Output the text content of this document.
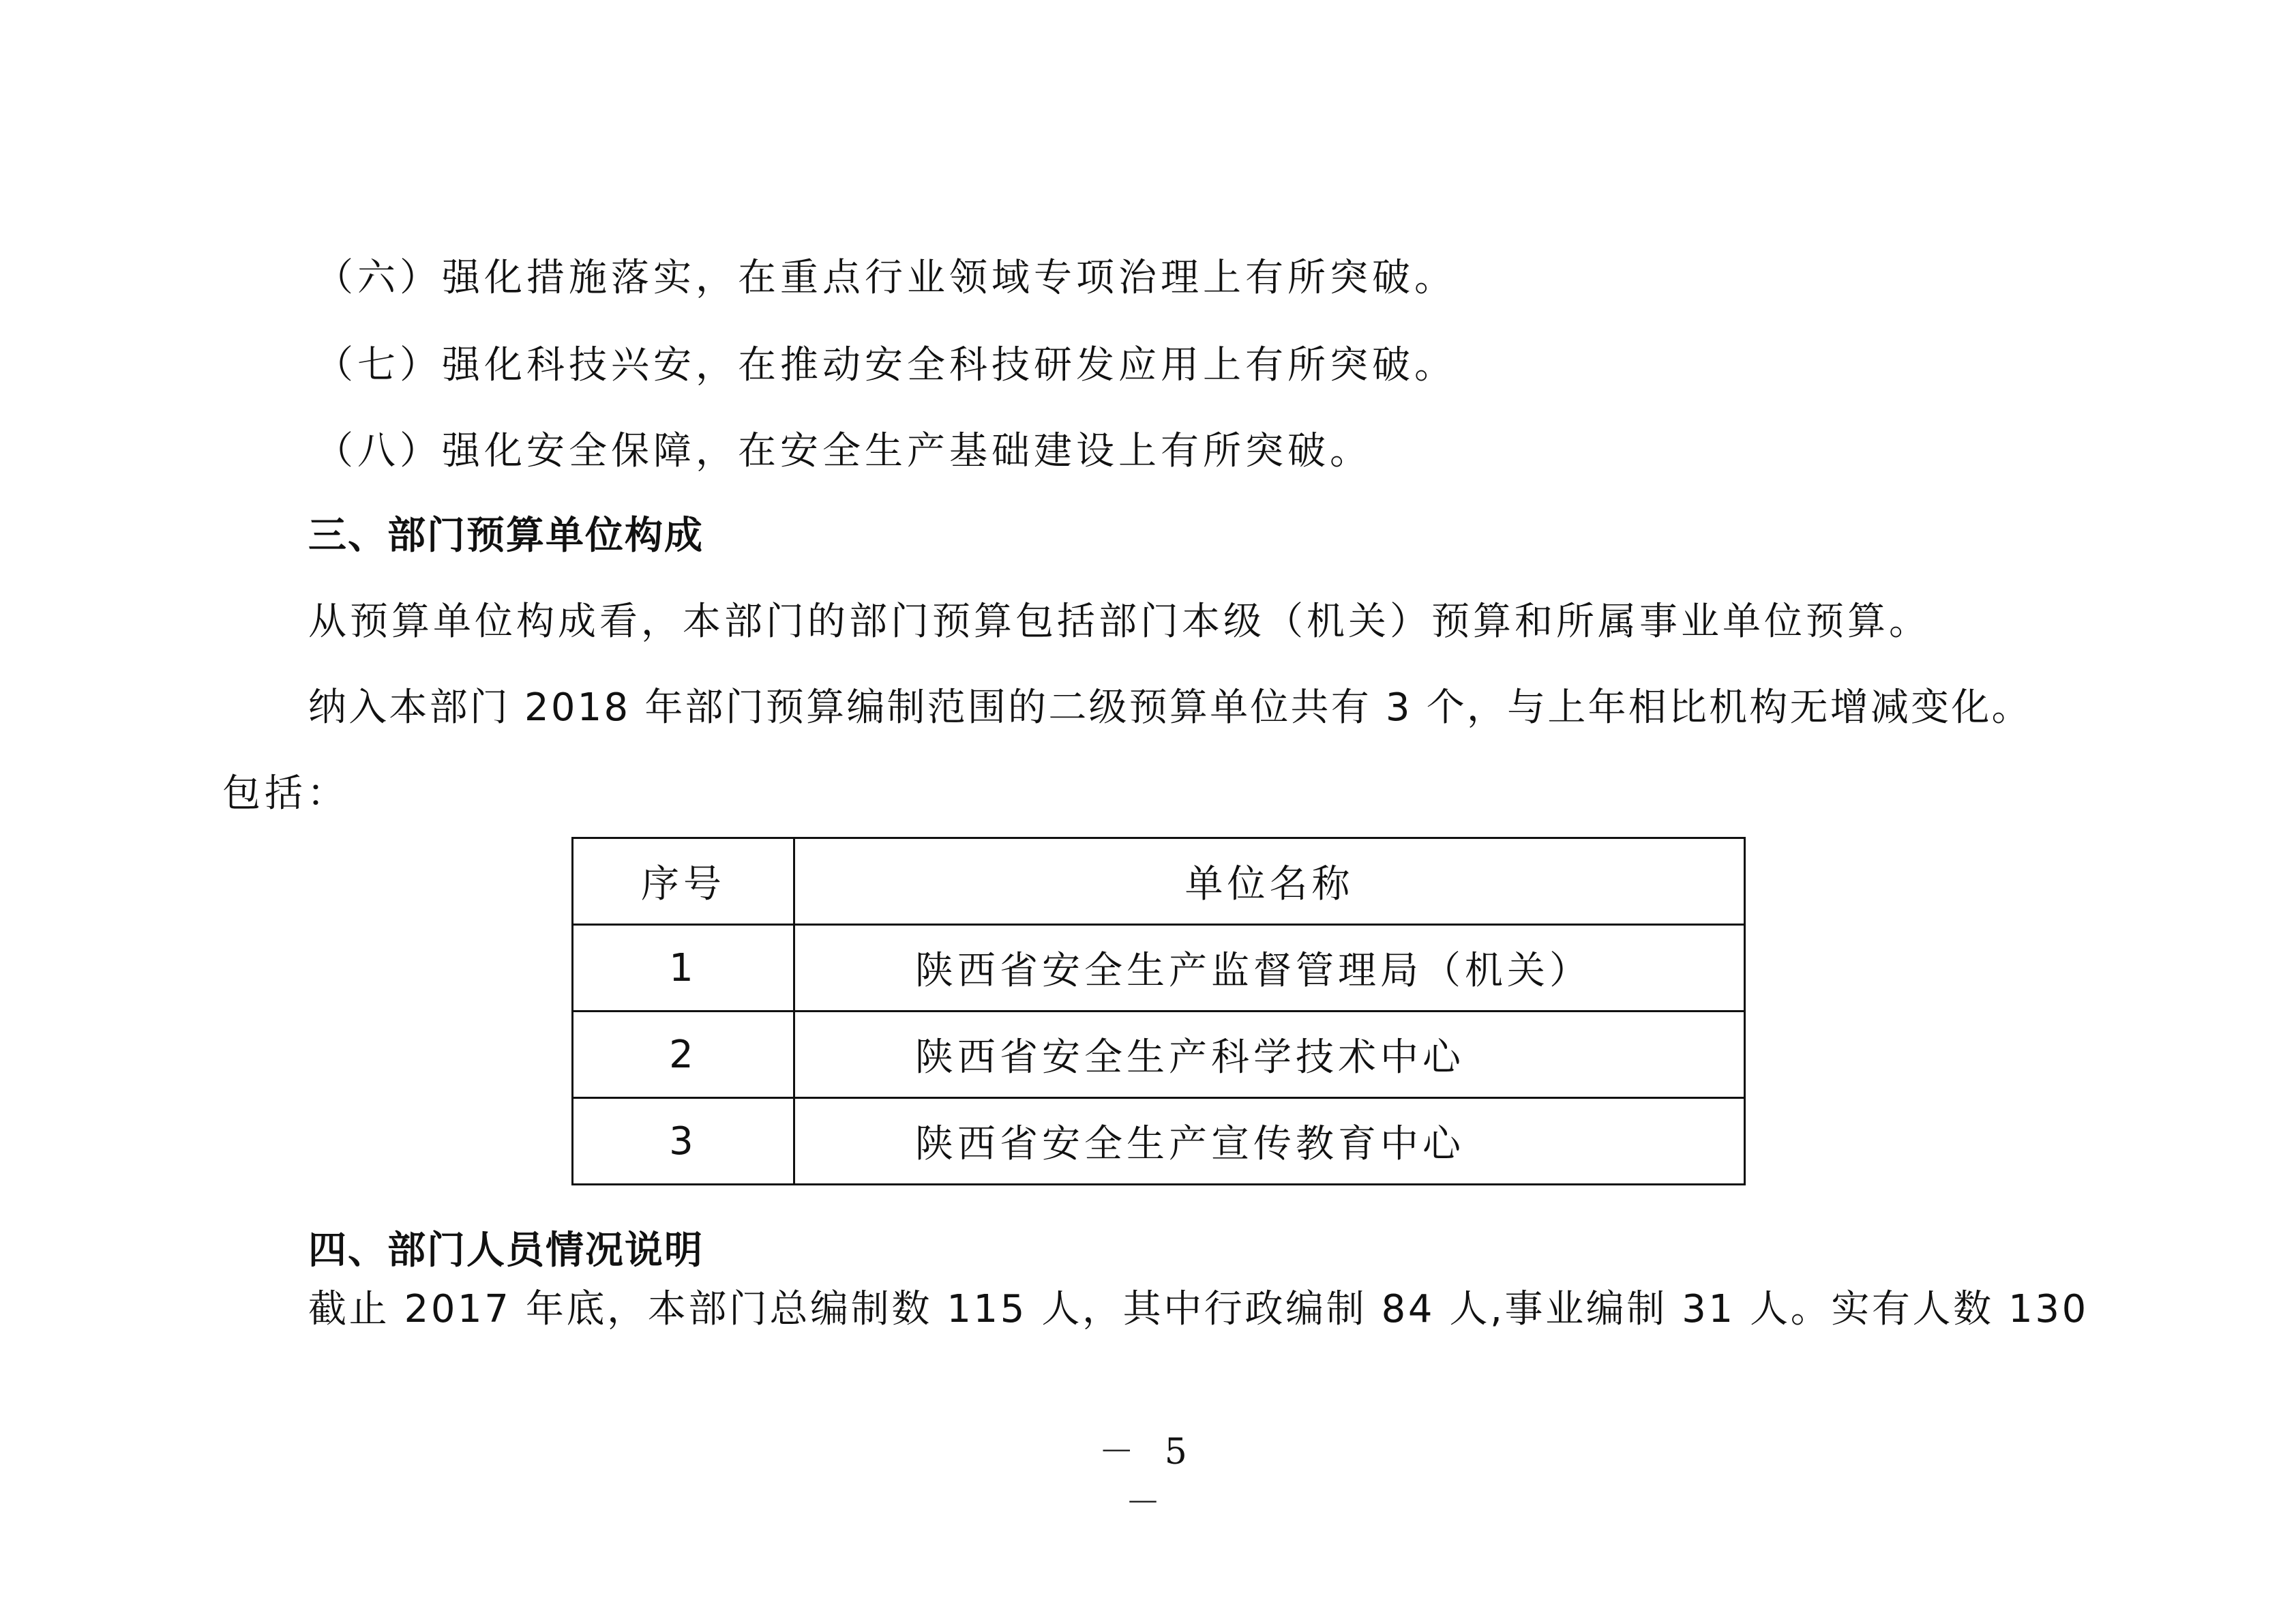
（六）强化措施落实，在重点行业领域专项治理上有所突破。
（七）强化科技兴安，在推动安全科技研发应用上有所突破。
（八）强化安全保障，在安全生产基础建设上有所突破。
三、部门预算单位构成
从预算单位构成看，本部门的部门预算包括部门本级（机关）预算和所属事业单位预算。
纳入本部门 2018 年部门预算编制范围的二级预算单位共有 3 个，与上年相比机构无增减变化。
包括：
序号	单位名称
1	陕西省安全生产监督管理局（机关）
2	陕西省安全生产科学技术中心
3	陕西省安全生产宣传教育中心
四、部门人员情况说明
截止 2017 年底，本部门总编制数 115 人，其中行政编制 84 人,事业编制 31 人。实有人数 130
－ 5 －
